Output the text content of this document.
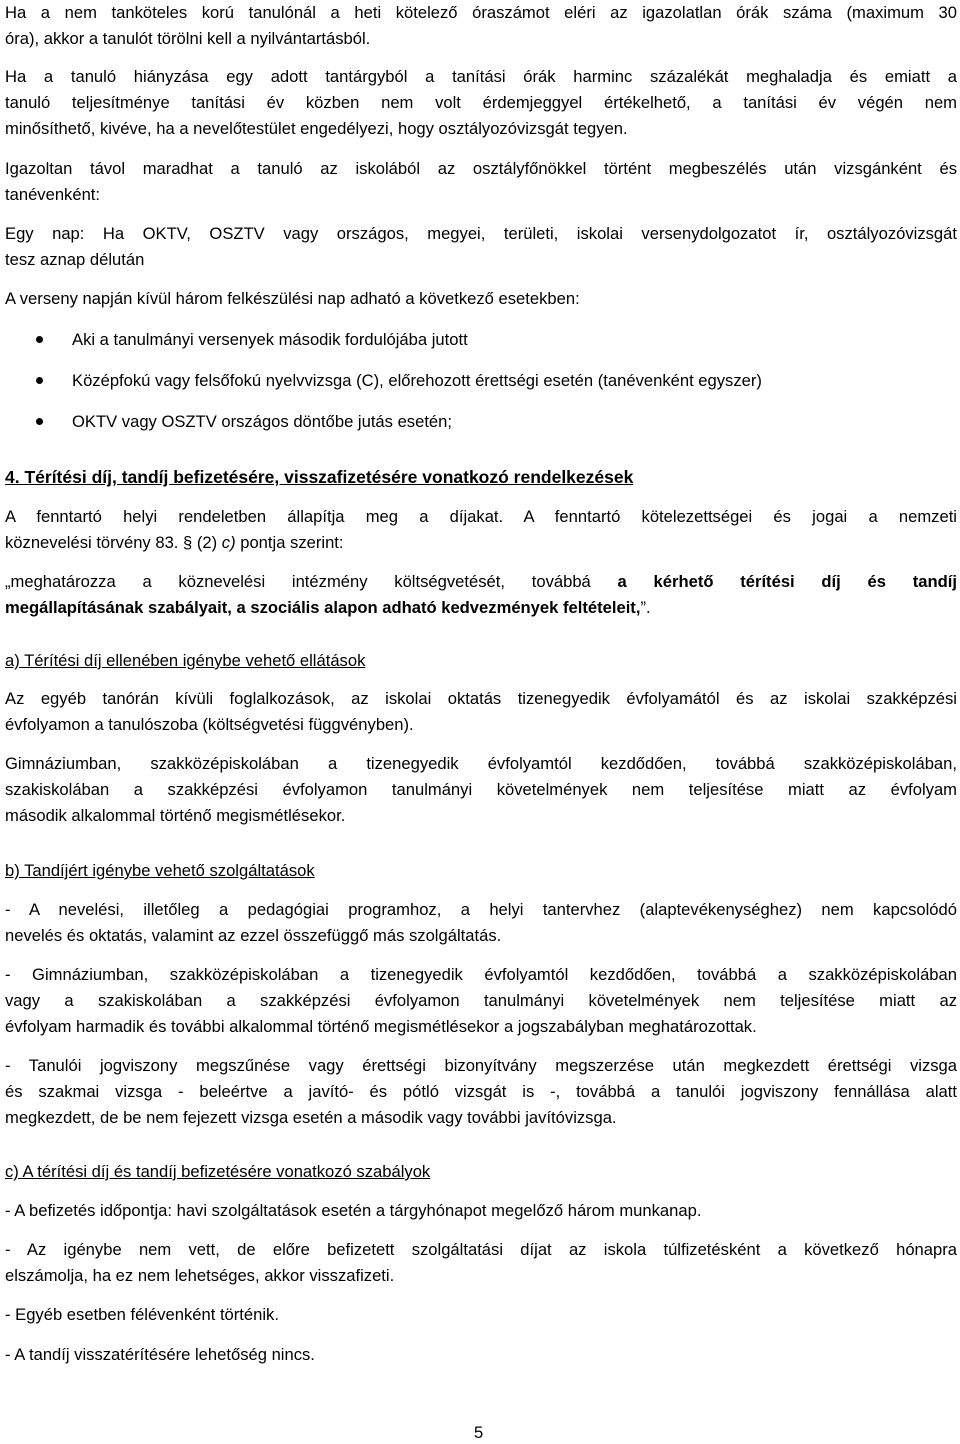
Ha a nem tanköteles korú tanulónál a heti kötelező óraszámot eléri az igazolatlan órák száma (maximum 30
óra), akkor a tanulót törölni kell a nyilvántartásból.

Ha a tanuló hiányzása egy adott tantárgyból a tanítási órák harminc százalékát meghaladja és emiatt a
tanuló teljesítménye tanítási év közben nem volt érdemjeggyel értékelhető, a tanítási év végén nem
minősíthető, kivéve, ha a nevelőtestület engedélyezi, hogy osztályozóvizsgát tegyen.

Igazoltan távol maradhat a tanuló az iskolából az osztályfőnökkel történt megbeszélés után vizsgánként és
tanévenként:

Egy nap: Ha OKTV, OSZTV vagy országos, megyei, területi, iskolai versenydolgozatot ír, osztályozóvizsgát
tesz aznap délután

A verseny napján kívül három felkészülési nap adható a következő esetekben:

Aki a tanulmányi versenyek második fordulójába jutott
Középfokú vagy felsőfokú nyelvvizsga (C), előrehozott érettségi esetén (tanévenként egyszer)
OKTV vagy OSZTV országos döntőbe jutás esetén;
4. Térítési díj, tandíj befizetésére, visszafizetésére vonatkozó rendelkezések

A fenntartó helyi rendeletben állapítja meg a díjakat. A fenntartó kötelezettségei és jogai a nemzeti
köznevelési törvény 83. § (2) c) pontja szerint:

„meghatározza a köznevelési intézmény költségvetését, továbbá a kérhető térítési díj és tandíj
megállapításának szabályait, a szociális alapon adható kedvezmények feltételeit,”.

a) Térítési díj ellenében igénybe vehető ellátások

Az egyéb tanórán kívüli foglalkozások, az iskolai oktatás tizenegyedik évfolyamától és az iskolai szakképzési
évfolyamon a tanulószoba (költségvetési függvényben).

Gimnáziumban, szakközépiskolában a tizenegyedik évfolyamtól kezdődően, továbbá szakközépiskolában,
szakiskolában a szakképzési évfolyamon tanulmányi követelmények nem teljesítése miatt az évfolyam
második alkalommal történő megismétlésekor.

b) Tandíjért igénybe vehető szolgáltatások

- A nevelési, illetőleg a pedagógiai programhoz, a helyi tantervhez (alaptevékenységhez) nem kapcsolódó
nevelés és oktatás, valamint az ezzel összefüggő más szolgáltatás.

- Gimnáziumban, szakközépiskolában a tizenegyedik évfolyamtól kezdődően, továbbá a szakközépiskolában
vagy a szakiskolában a szakképzési évfolyamon tanulmányi követelmények nem teljesítése miatt az
évfolyam harmadik és további alkalommal történő megismétlésekor a jogszabályban meghatározottak.

- Tanulói jogviszony megszűnése vagy érettségi bizonyítvány megszerzése után megkezdett érettségi vizsga
és szakmai vizsga - beleértve a javító- és pótló vizsgát is -, továbbá a tanulói jogviszony fennállása alatt
megkezdett, de be nem fejezett vizsga esetén a második vagy további javítóvizsga.

c) A térítési díj és tandíj befizetésére vonatkozó szabályok

- A befizetés időpontja: havi szolgáltatások esetén a tárgyhónapot megelőző három munkanap.

- Az igénybe nem vett, de előre befizetett szolgáltatási díjat az iskola túlfizetésként a következő hónapra
elszámolja, ha ez nem lehetséges, akkor visszafizeti.

- Egyéb esetben félévenként történik.

- A tandíj visszatérítésére lehetőség nincs.

5
